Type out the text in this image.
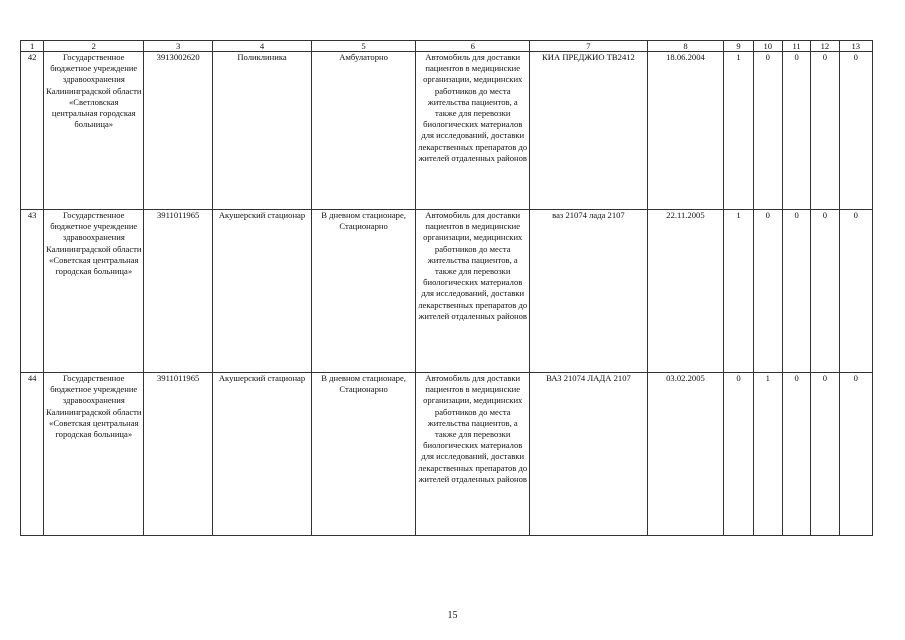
1	2	3	4	5	6	7	8	9	10	11	12	13
42	Государственное бюджетное учреждение здравоохранения Калининградской области «Светловская центральная городская больница»	3913002620	Поликлиника	Амбулаторно	Автомобиль для доставки пациентов в медицинские организации, медицинских работников до места жительства пациентов, а также для перевозки биологических материалов для исследований, доставки лекарственных препаратов до жителей отдаленных районов	КИА ПРЕДЖИО ТВ2412	18.06.2004	1	0	0	0	0
43	Государственное бюджетное учреждение здравоохранения Калининградской области «Советская центральная городская больница»	3911011965	Акушерский стационар	В дневном стационаре, Стационарно	Автомобиль для доставки пациентов в медицинские организации, медицинских работников до места жительства пациентов, а также для перевозки биологических материалов для исследований, доставки лекарственных препаратов до жителей отдаленных районов	ваз 21074 лада 2107	22.11.2005	1	0	0	0	0
44	Государственное бюджетное учреждение здравоохранения Калининградской области «Советская центральная городская больница»	3911011965	Акушерский стационар	В дневном стационаре, Стационарно	Автомобиль для доставки пациентов в медицинские организации, медицинских работников до места жительства пациентов, а также для перевозки биологических материалов для исследований, доставки лекарственных препаратов до жителей отдаленных районов	ВАЗ 21074 ЛАДА 2107	03.02.2005	0	1	0	0	0
15
